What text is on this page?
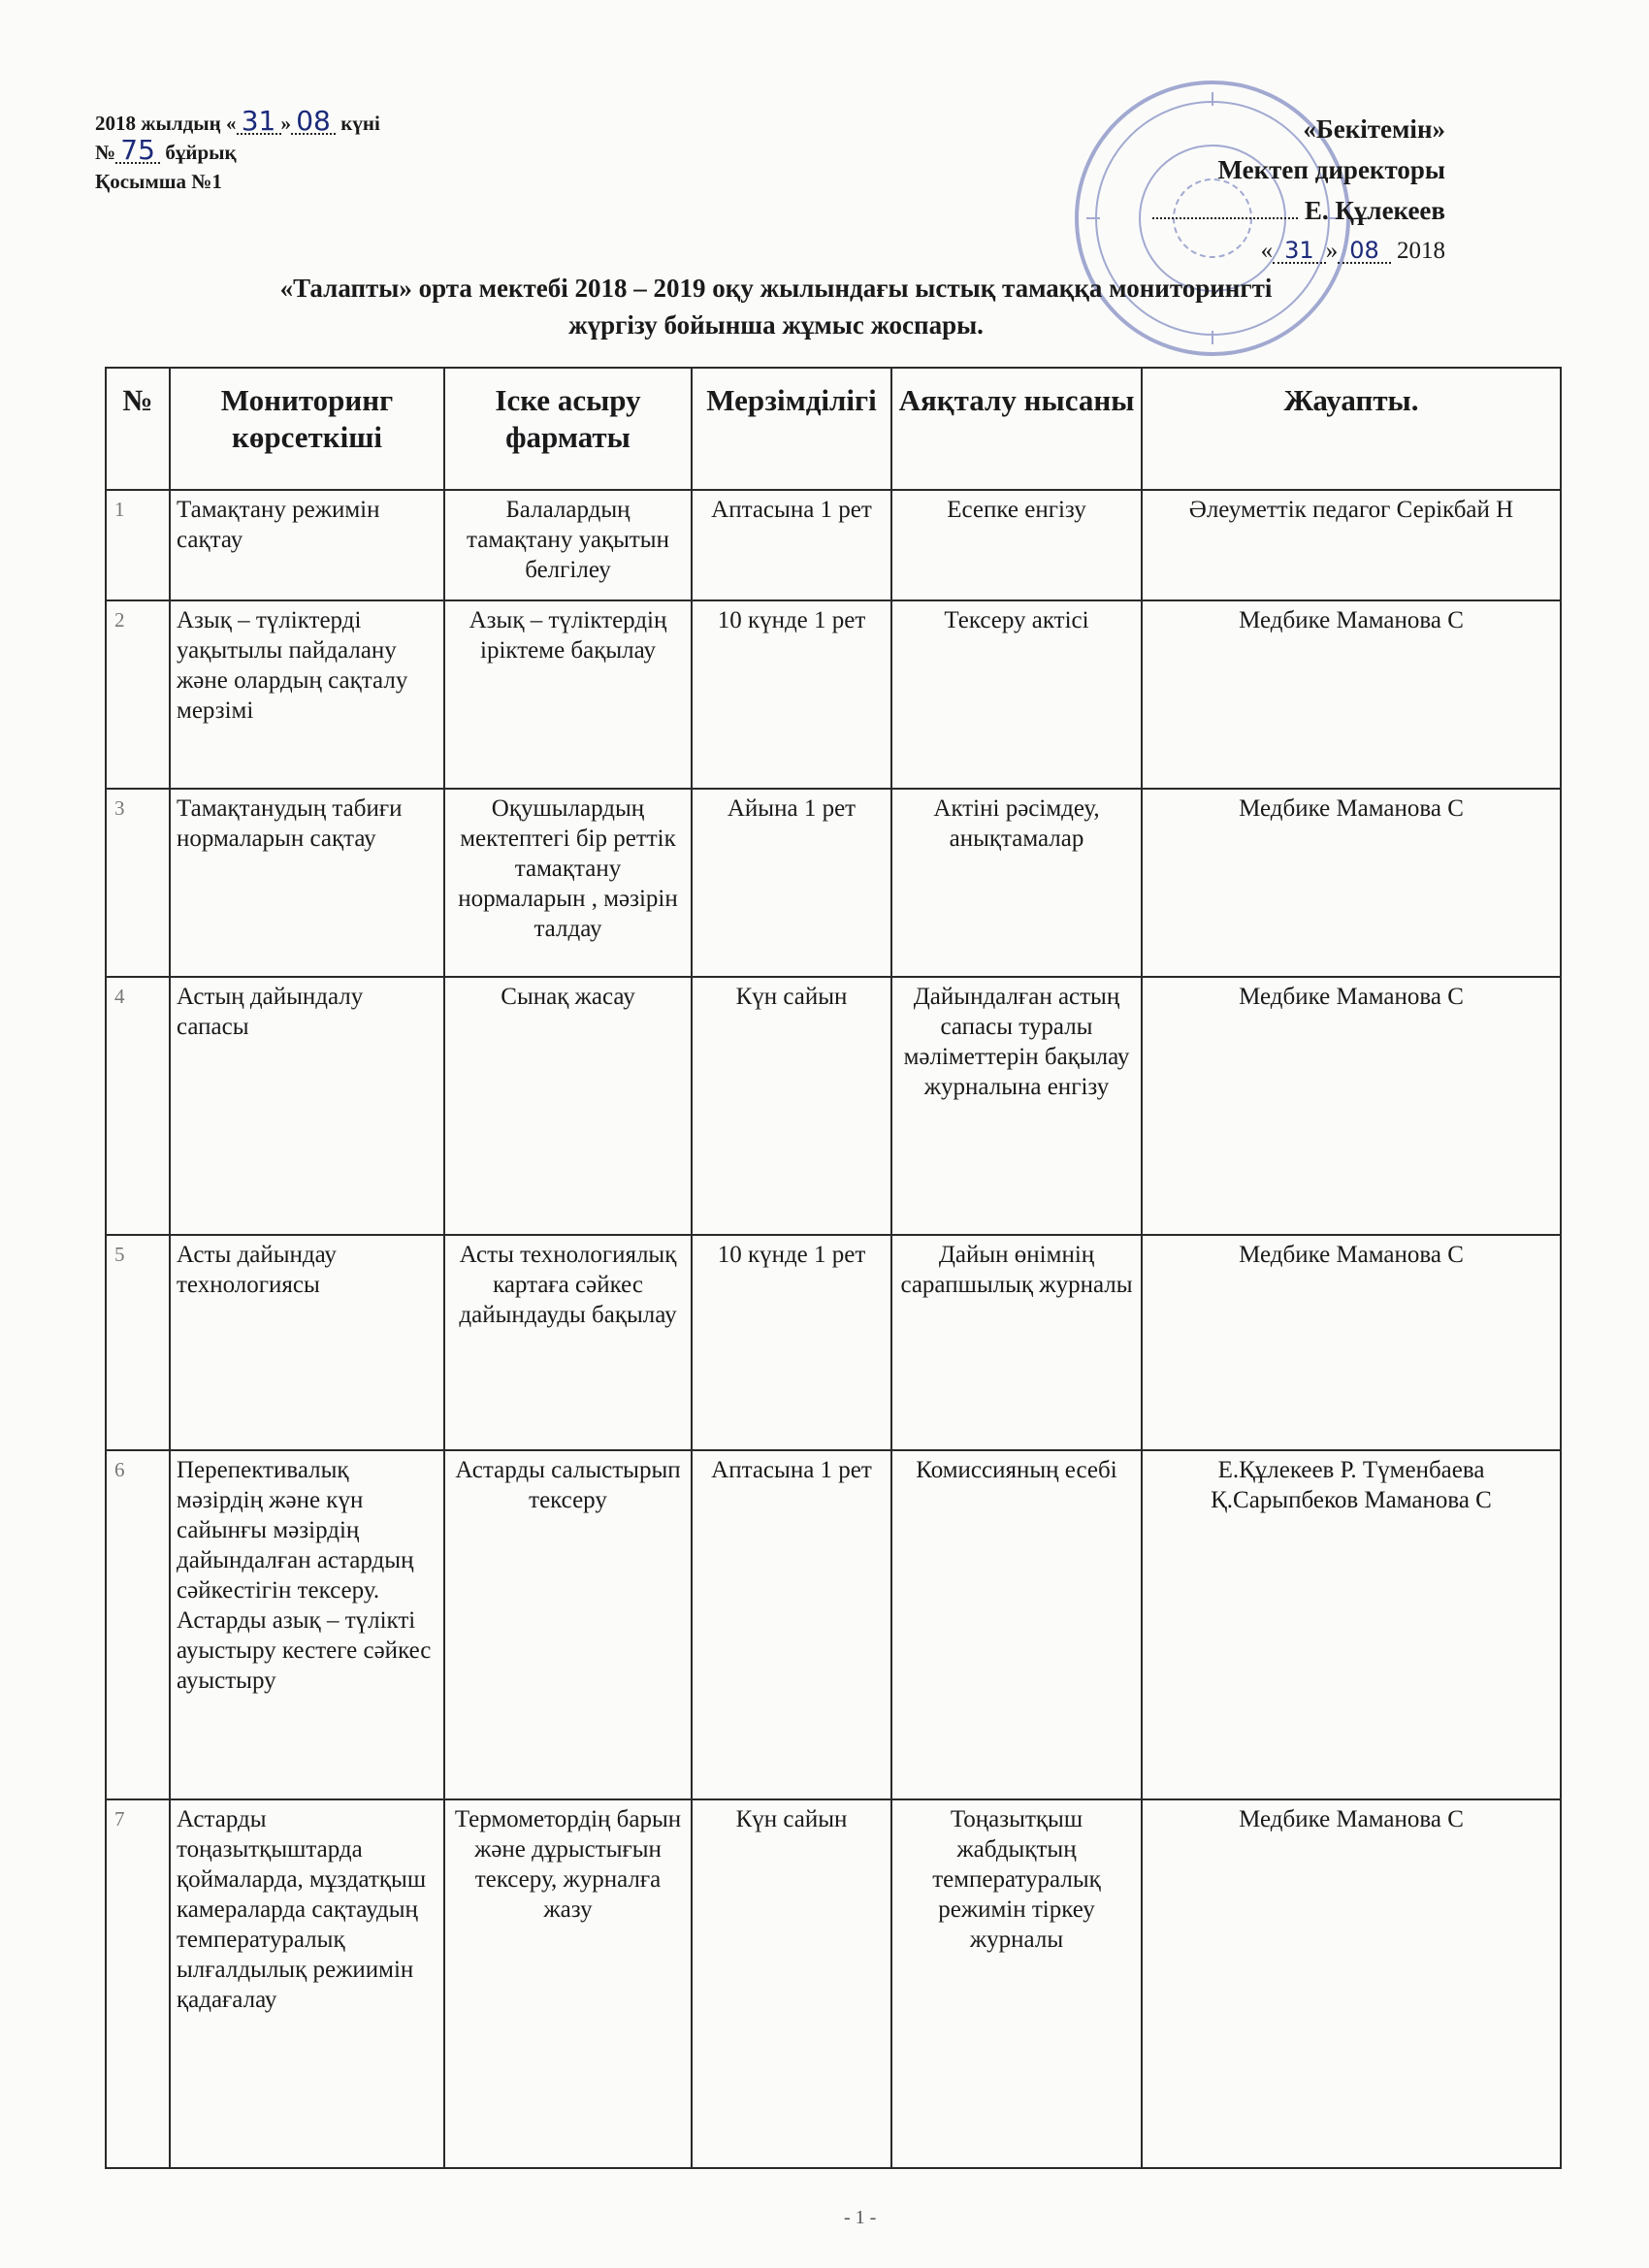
2018 жылдың « 31 » 08 күні
№ 75 бұйрық
Қосымша №1
«Бекітемін»
Мектеп директоры
Е. Құлекеев
« 31 » 08 2018
«Талапты» орта мектебі 2018 – 2019 оқу жылындағы ыстық тамаққа мониторингті
жүргізу бойынша жұмыс жоспары.
№	Мониторинг көрсеткіші	Іске асыру фарматы	Мерзімділігі	Аяқталу нысаны	Жауапты.
1	Тамақтану режимін сақтау	Балалардың тамақтану уақытын белгілеу	Аптасына 1 рет	Есепке енгізу	Әлеуметтік педагог Серікбай Н
2	Азық – түліктерді уақытылы пайдалану және олардың сақталу мерзімі	Азық – түліктердің іріктеме бақылау	10 күнде 1 рет	Тексеру актісі	Медбике Маманова С
3	Тамақтанудың табиғи нормаларын сақтау	Оқушылардың мектептегі бір реттік тамақтану нормаларын , мәзірін талдау	Айына 1 рет	Актіні рәсімдеу, анықтамалар	Медбике Маманова С
4	Астың дайындалу сапасы	Сынақ жасау	Күн сайын	Дайындалған астың сапасы туралы мәліметтерін бақылау журналына енгізу	Медбике Маманова С
5	Асты дайындау технологиясы	Асты технологиялық картаға сәйкес дайындауды бақылау	10 күнде 1 рет	Дайын өнімнің сарапшылық журналы	Медбике Маманова С
6	Перепективалық мәзірдің және күн сайынғы мәзірдің дайындалған астардың сәйкестігін тексеру. Астарды азық – түлікті ауыстыру кестеге сәйкес ауыстыру	Астарды салыстырып тексеру	Аптасына 1 рет	Комиссияның есебі	Е.Құлекеев Р. Түменбаева Қ.Сарыпбеков Маманова С
7	Астарды тоңазытқыштарда қоймаларда, мұздатқыш камераларда сақтаудың температуралық ылғалдылық режиимін қадағалау	Термометордің барын және дұрыстығын тексеру, журналға жазу	Күн сайын	Тоңазытқыш жабдықтың температуралық режимін тіркеу журналы	Медбике Маманова С
- 1 -
